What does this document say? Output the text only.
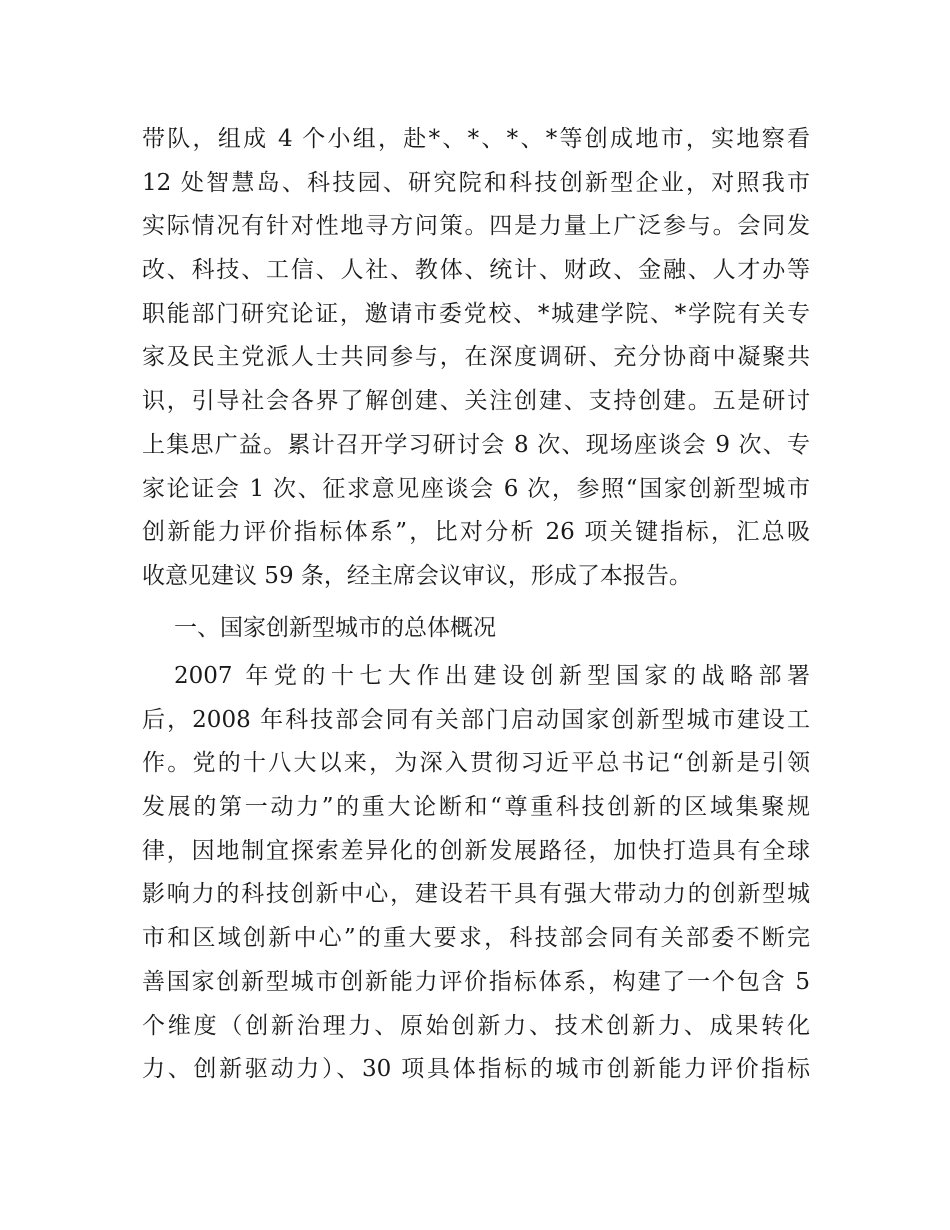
带队，组成 4 个小组，赴*、*、*、*等创成地市，实地察看
12 处智慧岛、科技园、研究院和科技创新型企业，对照我市
实际情况有针对性地寻方问策。四是力量上广泛参与。会同发
改、科技、工信、人社、教体、统计、财政、金融、人才办等
职能部门研究论证，邀请市委党校、*城建学院、*学院有关专
家及民主党派人士共同参与，在深度调研、充分协商中凝聚共
识，引导社会各界了解创建、关注创建、支持创建。五是研讨
上集思广益。累计召开学习研讨会 8 次、现场座谈会 9 次、专
家论证会 1 次、征求意见座谈会 6 次，参照“国家创新型城市
创新能力评价指标体系”，比对分析 26 项关键指标，汇总吸
收意见建议 59 条，经主席会议审议，形成了本报告。
一、国家创新型城市的总体概况
2007 年党的十七大作出建设创新型国家的战略部署
后，2008 年科技部会同有关部门启动国家创新型城市建设工
作。党的十八大以来，为深入贯彻习近平总书记“创新是引领
发展的第一动力”的重大论断和“尊重科技创新的区域集聚规
律，因地制宜探索差异化的创新发展路径，加快打造具有全球
影响力的科技创新中心，建设若干具有强大带动力的创新型城
市和区域创新中心”的重大要求，科技部会同有关部委不断完
善国家创新型城市创新能力评价指标体系，构建了一个包含 5
个维度（创新治理力、原始创新力、技术创新力、成果转化
力、创新驱动力）、30 项具体指标的城市创新能力评价指标
